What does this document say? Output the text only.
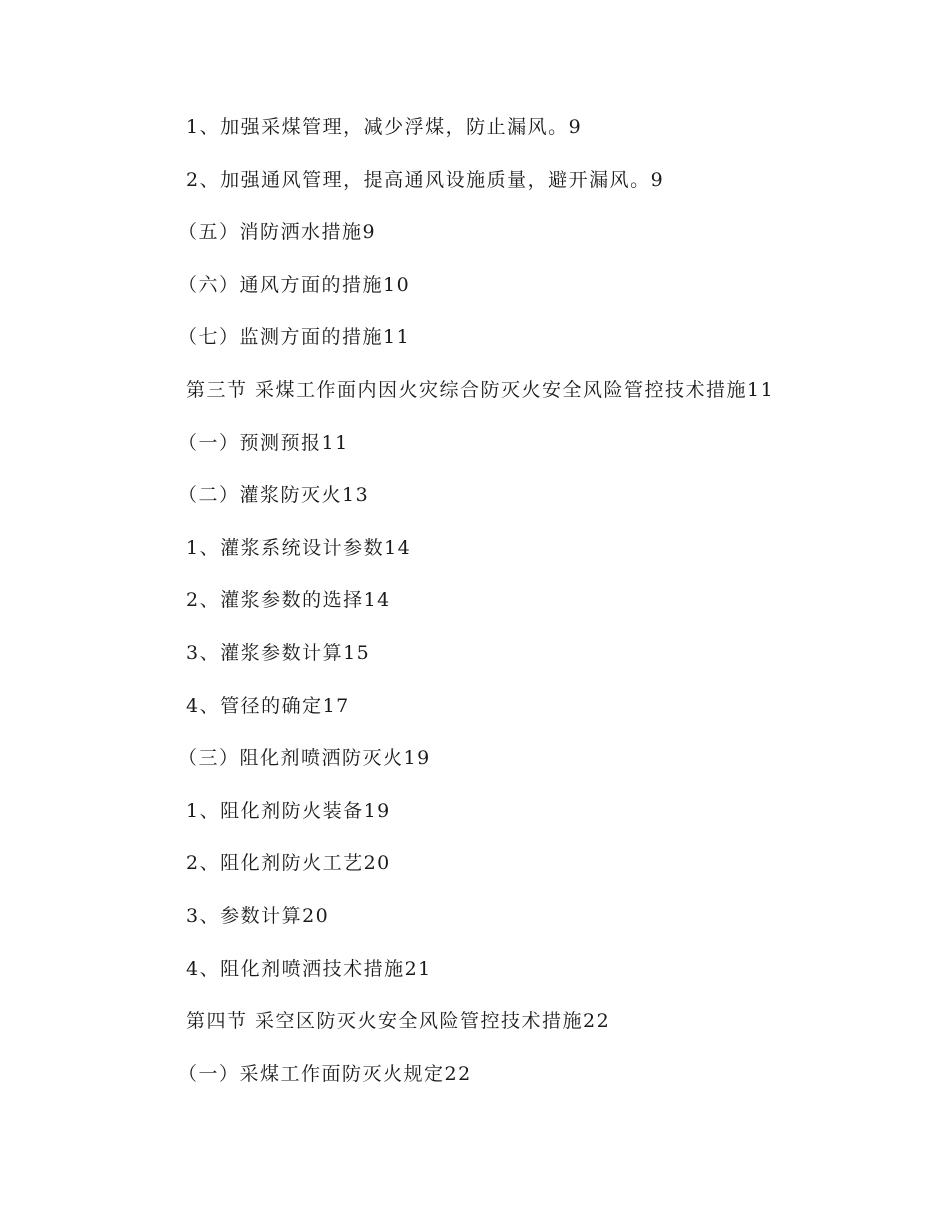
1、加强采煤管理，减少浮煤，防止漏风。9
2、加强通风管理，提高通风设施质量，避开漏风。9
（五）消防洒水措施9
（六）通风方面的措施10
（七）监测方面的措施11
第三节 采煤工作面内因火灾综合防灭火安全风险管控技术措施11
（一）预测预报11
（二）灌浆防灭火13
1、灌浆系统设计参数14
2、灌浆参数的选择14
3、灌浆参数计算15
4、管径的确定17
（三）阻化剂喷洒防灭火19
1、阻化剂防火装备19
2、阻化剂防火工艺20
3、参数计算20
4、阻化剂喷洒技术措施21
第四节 采空区防灭火安全风险管控技术措施22
（一）采煤工作面防灭火规定22
